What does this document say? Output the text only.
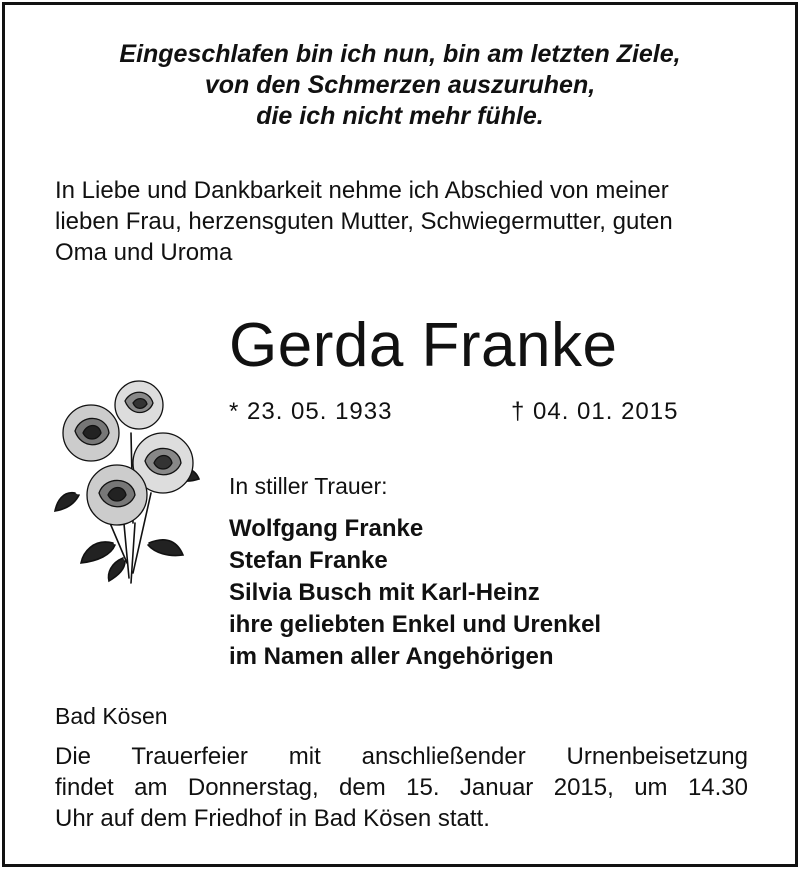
Eingeschlafen bin ich nun, bin am letzten Ziele,
von den Schmerzen auszuruhen,
die ich nicht mehr fühle.
In Liebe und Dankbarkeit nehme ich Abschied von meiner
lieben Frau, herzensguten Mutter, Schwiegermutter, guten
Oma und Uroma
Gerda Franke
* 23. 05. 1933	† 04. 01. 2015
In stiller Trauer:
Wolfgang Franke
Stefan Franke
Silvia Busch mit Karl-Heinz
ihre geliebten Enkel und Urenkel
im Namen aller Angehörigen
Bad Kösen
Die Trauerfeier mit anschließender Urnenbeisetzung
findet am Donnerstag, dem 15. Januar 2015, um 14.30
Uhr auf dem Friedhof in Bad Kösen statt.
